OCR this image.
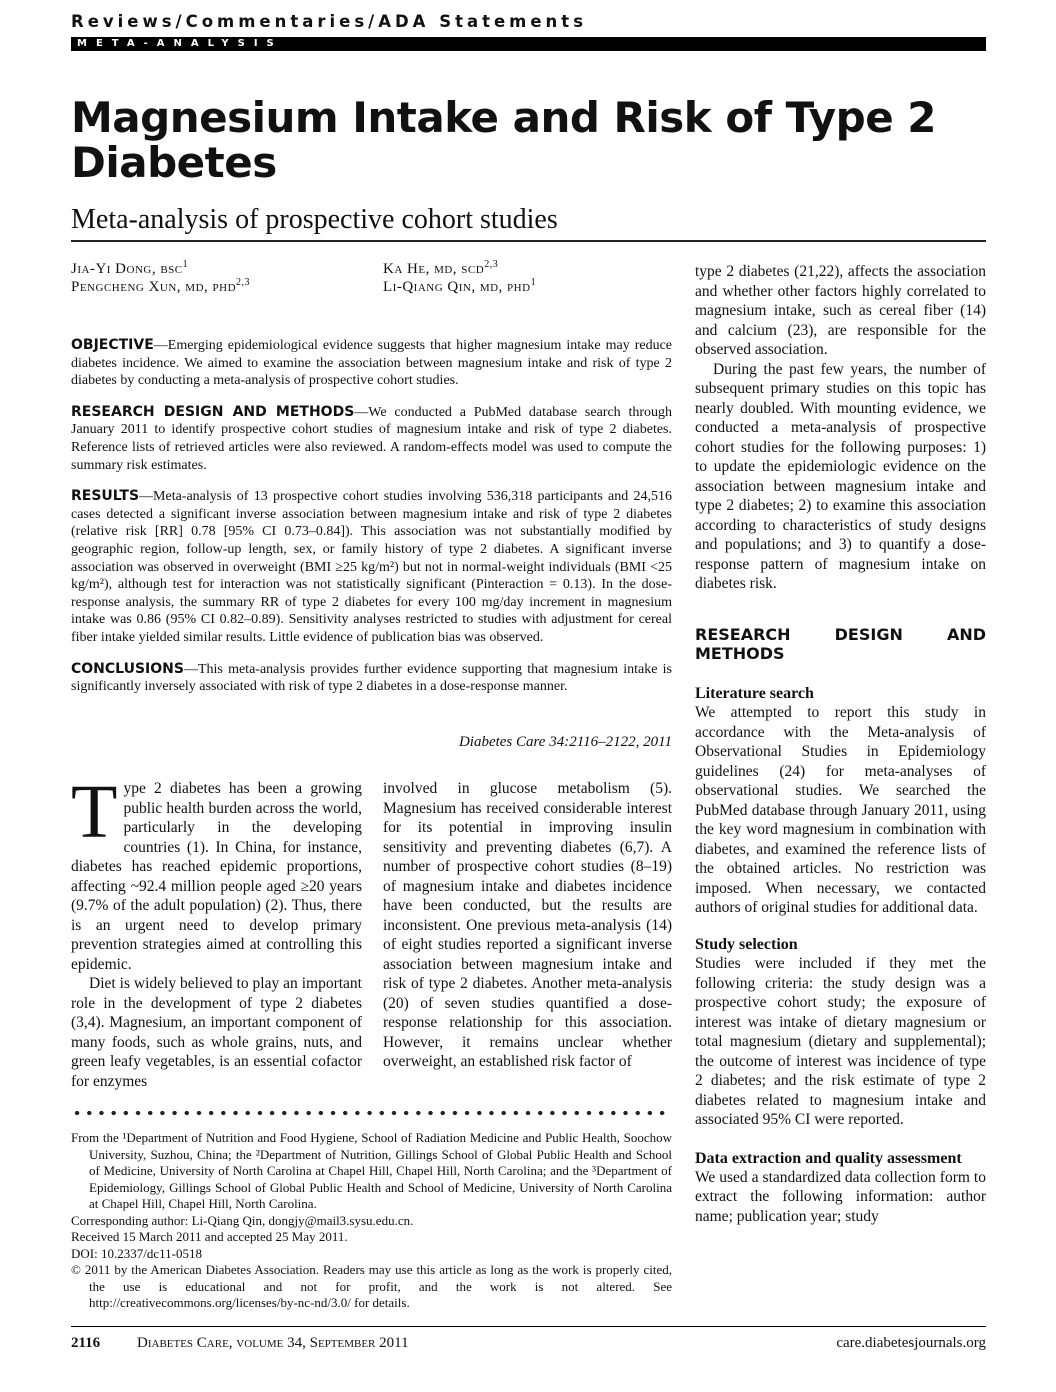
Reviews/Commentaries/ADA Statements
META-ANALYSIS
Magnesium Intake and Risk of Type 2 Diabetes
Meta-analysis of prospective cohort studies
Jia-Yi Dong, bsc$^1$
Pengcheng Xun, md, phd$^{2,3}$
Ka He, md, scd$^{2,3}$
Li-Qiang Qin, md, phd$^1$

OBJECTIVE—Emerging epidemiological evidence suggests that higher magnesium intake may reduce diabetes incidence. We aimed to examine the association between magnesium intake and risk of type 2 diabetes by conducting a meta-analysis of prospective cohort studies.

RESEARCH DESIGN AND METHODS—We conducted a PubMed database search through January 2011 to identify prospective cohort studies of magnesium intake and risk of type 2 diabetes. Reference lists of retrieved articles were also reviewed. A random-effects model was used to compute the summary risk estimates.

RESULTS—Meta-analysis of 13 prospective cohort studies involving 536,318 participants and 24,516 cases detected a significant inverse association between magnesium intake and risk of type 2 diabetes (relative risk [RR] 0.78 [95% CI 0.73–0.84]). This association was not substantially modified by geographic region, follow-up length, sex, or family history of type 2 diabetes. A significant inverse association was observed in overweight (BMI ≥25 kg/m²) but not in normal-weight individuals (BMI <25 kg/m²), although test for interaction was not statistically significant (Pinteraction = 0.13). In the dose-response analysis, the summary RR of type 2 diabetes for every 100 mg/day increment in magnesium intake was 0.86 (95% CI 0.82–0.89). Sensitivity analyses restricted to studies with adjustment for cereal fiber intake yielded similar results. Little evidence of publication bias was observed.

CONCLUSIONS—This meta-analysis provides further evidence supporting that magnesium intake is significantly inversely associated with risk of type 2 diabetes in a dose-response manner.

Diabetes Care 34:2116–2122, 2011

Type 2 diabetes has been a growing public health burden across the world, particularly in the developing countries (1). In China, for instance, diabetes has reached epidemic proportions, affecting ~92.4 million people aged ≥20 years (9.7% of the adult population) (2). Thus, there is an urgent need to develop primary prevention strategies aimed at controlling this epidemic.

Diet is widely believed to play an important role in the development of type 2 diabetes (3,4). Magnesium, an important component of many foods, such as whole grains, nuts, and green leafy vegetables, is an essential cofactor for enzymes

involved in glucose metabolism (5). Magnesium has received considerable interest for its potential in improving insulin sensitivity and preventing diabetes (6,7). A number of prospective cohort studies (8–19) of magnesium intake and diabetes incidence have been conducted, but the results are inconsistent. One previous meta-analysis (14) of eight studies reported a significant inverse association between magnesium intake and risk of type 2 diabetes. Another meta-analysis (20) of seven studies quantified a dose-response relationship for this association. However, it remains unclear whether overweight, an established risk factor of

type 2 diabetes (21,22), affects the association and whether other factors highly correlated to magnesium intake, such as cereal fiber (14) and calcium (23), are responsible for the observed association.

During the past few years, the number of subsequent primary studies on this topic has nearly doubled. With mounting evidence, we conducted a meta-analysis of prospective cohort studies for the following purposes: 1) to update the epidemiologic evidence on the association between magnesium intake and type 2 diabetes; 2) to examine this association according to characteristics of study designs and populations; and 3) to quantify a dose-response pattern of magnesium intake on diabetes risk.

RESEARCH DESIGN AND METHODS

Literature search

We attempted to report this study in accordance with the Meta-analysis of Observational Studies in Epidemiology guidelines (24) for meta-analyses of observational studies. We searched the PubMed database through January 2011, using the key word magnesium in combination with diabetes, and examined the reference lists of the obtained articles. No restriction was imposed. When necessary, we contacted authors of original studies for additional data.

Study selection

Studies were included if they met the following criteria: the study design was a prospective cohort study; the exposure of interest was intake of dietary magnesium or total magnesium (dietary and supplemental); the outcome of interest was incidence of type 2 diabetes; and the risk estimate of type 2 diabetes related to magnesium intake and associated 95% CI were reported.

Data extraction and quality assessment

We used a standardized data collection form to extract the following information: author name; publication year; study

From the ¹Department of Nutrition and Food Hygiene, School of Radiation Medicine and Public Health, Soochow University, Suzhou, China; the ²Department of Nutrition, Gillings School of Global Public Health and School of Medicine, University of North Carolina at Chapel Hill, Chapel Hill, North Carolina; and the ³Department of Epidemiology, Gillings School of Global Public Health and School of Medicine, University of North Carolina at Chapel Hill, Chapel Hill, North Carolina.

Corresponding author: Li-Qiang Qin, dongjy@mail3.sysu.edu.cn.

Received 15 March 2011 and accepted 25 May 2011.

DOI: 10.2337/dc11-0518

© 2011 by the American Diabetes Association. Readers may use this article as long as the work is properly cited, the use is educational and not for profit, and the work is not altered. See http://creativecommons.org/licenses/by-nc-nd/3.0/ for details.

2116 Diabetes Care, volume 34, September 2011	care.diabetesjournals.org
